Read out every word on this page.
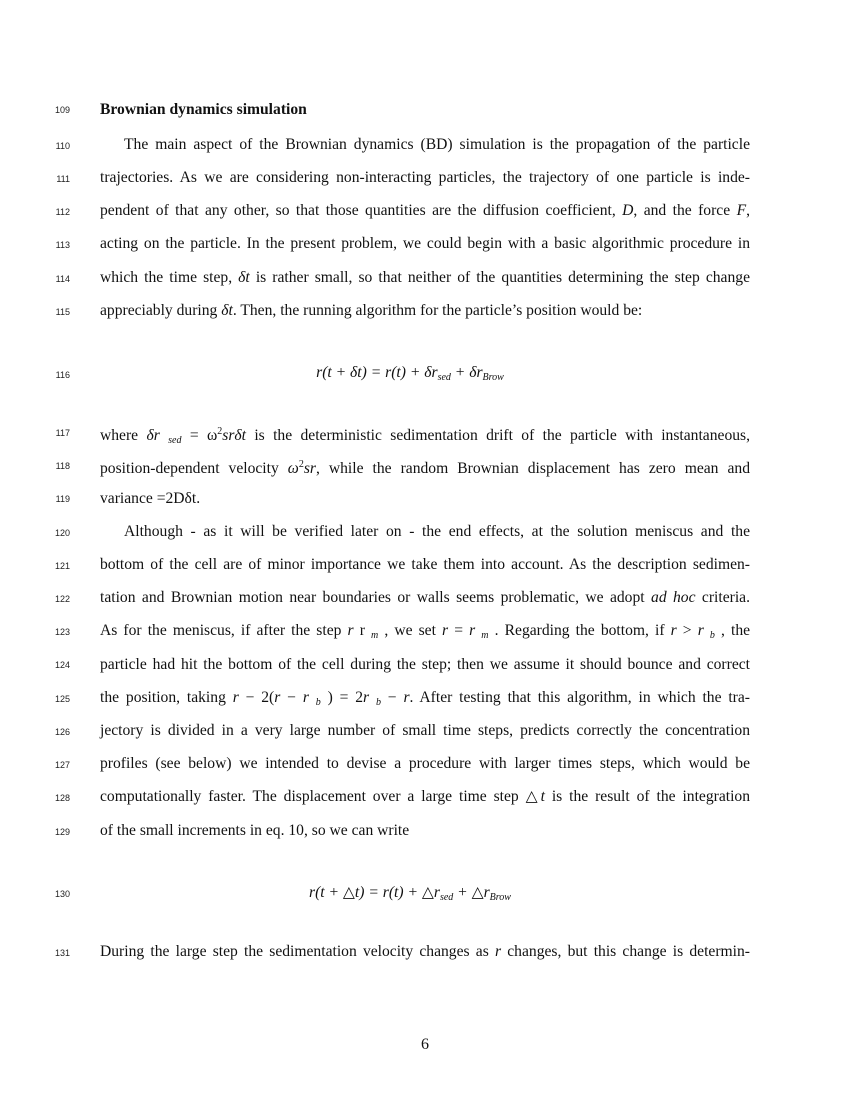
109
110
111
112
113
114
115
116
117
118
119
120
121
122
123
124
125
126
127
128
129
130
131
Brownian dynamics simulation
The main aspect of the Brownian dynamics (BD) simulation is the propagation of the particle
trajectories. As we are considering non-interacting particles, the trajectory of one particle is inde-
pendent of that any other, so that those quantities are the diffusion coefficient, D, and the force F,
acting on the particle. In the present problem, we could begin with a basic algorithmic procedure in
which the time step, δt is rather small, so that neither of the quantities determining the step change
appreciably during δt. Then, the running algorithm for the particle’s position would be:
$r(t + \delta t) = r(t) + \delta r_{sed} + \delta r_{Brow}$
where δr $_{sed} = \omega^2sr\delta t$ is the deterministic sedimentation drift of the particle with instantaneous,
position-dependent velocity $\omega^2sr$, while the random Brownian displacement has zero mean and
variance =2Dδt.
Although - as it will be verified later on - the end effects, at the solution meniscus and the
bottom of the cell are of minor importance we take them into account. As the description sedimen-
tation and Brownian motion near boundaries or walls seems problematic, we adopt ad hoc criteria.
As for the meniscus, if after the step r r $_m$ , we set r = r $_m$ . Regarding the bottom, if r > r $_b$ , the
particle had hit the bottom of the cell during the step; then we assume it should bounce and correct
the position, taking r − 2(r − r $_b$ ) = 2r $_b$ − r. After testing that this algorithm, in which the tra-
jectory is divided in a very large number of small time steps, predicts correctly the concentration
profiles (see below) we intended to devise a procedure with larger times steps, which would be
computationally faster. The displacement over a large time step △t is the result of the integration
of the small increments in eq. 10, so we can write
r(t + △t) = $r(t) + \triangle r_{sed}$ + $\triangle r_{Brow}$
During the large step the sedimentation velocity changes as r changes, but this change is determin-
6
